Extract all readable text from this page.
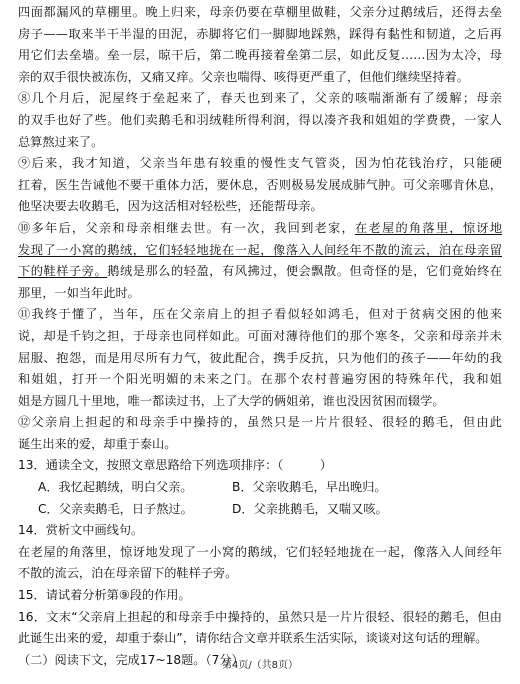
四面都漏风的草棚里。晚上归来，母亲仍要在草棚里做鞋，父亲分过鹅绒后，还得去垒
房子——取来半干半湿的田泥，赤脚将它们一脚脚地踩熟，踩得有黏性和韧道，之后再
用它们去垒墙。垒一层，晾干后，第二晚再接着垒第二层，如此反复……因为太冷，母
亲的双手很快被冻伤，又痛又痒。父亲也喘得、咳得更严重了，但他们继续坚持着。
⑧几个月后，泥屋终于垒起来了，春天也到来了，父亲的咳喘渐渐有了缓解；母亲
的双手也好了些。他们卖鹅毛和羽绒鞋所得利润，得以凑齐我和姐姐的学费费，一家人
总算熬过来了。
⑨后来，我才知道，父亲当年患有较重的慢性支气管炎，因为怕花钱治疗，只能硬
扛着，医生告诫他不要干重体力活，要休息，否则极易发展成肺气肿。可父亲哪肯休息，
他坚决要去收鹅毛，因为这活相对轻松些，还能帮母亲。
⑩多年后，父亲和母亲相继去世。有一次，我回到老家，在老屋的角落里，惊讶地
发现了一小窝的鹅绒，它们轻轻地拢在一起，像落入人间经年不散的流云，泊在母亲留
下的鞋样子旁。鹅绒是那么的轻盈，有风拂过，便会飘散。但奇怪的是，它们竟始终在
那里，一如当年此时。
⑪我终于懂了，当年，压在父亲肩上的担子看似轻如鸿毛，但对于贫病交困的他来
说，却是千钧之担，于母亲也同样如此。可面对薄待他们的那个寒冬，父亲和母亲并未
屈服、抱怨，而是用尽所有力气，彼此配合，携手反抗，只为他们的孩子——年幼的我
和姐姐，打开一个阳光明媚的未来之门。在那个农村普遍穷困的特殊年代，我和姐
姐是方圆几十里地，唯一都读过书，上了大学的俩姐弟，谁也没因贫困而辍学。
⑫父亲肩上担起的和母亲手中操持的，虽然只是一片片很轻、很轻的鹅毛，但由此
诞生出来的爱，却重于泰山。
13．通读全文，按照文章思路给下列选项排序：（　　　）
A．我忆起鹅绒，明白父亲。	B．父亲收鹅毛，早出晚归。
C．父亲卖鹅毛，日子熬过。	D．父亲挑鹅毛，又喘又咳。
14．赏析文中画线句。
在老屋的角落里，惊讶地发现了一小窝的鹅绒，它们轻轻地拢在一起，像落入人间经年
不散的流云，泊在母亲留下的鞋样子旁。
15．请试着分析第⑨段的作用。
16．文末“父亲肩上担起的和母亲手中操持的，虽然只是一片片很轻、很轻的鹅毛，但由
此诞生出来的爱，却重于泰山”，请你结合文章并联系生活实际，谈谈对这句话的理解。
（二）阅读下文，完成17~18题。（7分）
第4页/（共8页）
